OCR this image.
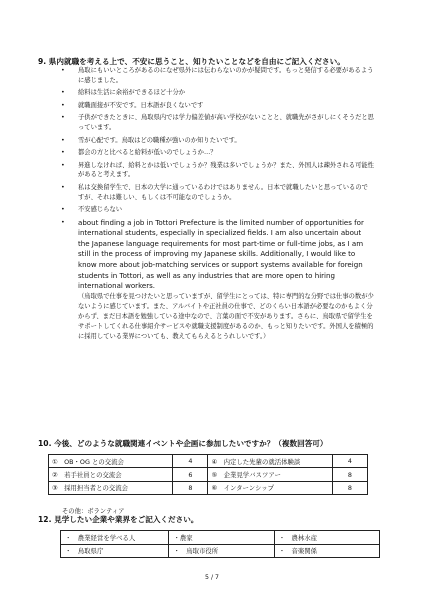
9. 県内就職を考える上で、不安に思うこと、知りたいことなどを自由にご記入ください。
• 鳥取にもいいところがあるのになぜ県外には伝わらないのかが疑問です。もっと発信する必要があるように感じました。
• 給料は生活に余裕ができるほど十分か
• 就職面接が不安です。日本語が良くないです
• 子供ができたときに、鳥取県内では学力偏差値が高い学校がないことと、就職先がさがしにくそうだと思っています。
• 雪が心配です。鳥取はどの職種が強いのか知りたいです。
• 都会の方と比べると給料が低いのでしょうか…？
• 昇進しなければ、給料とかは低いでしょうか？残業は多いでしょうか？また、外国人は疎外される可能性があると考えます。
• 私は交換留学生で、日本の大学に通っているわけではありません。日本で就職したいと思っているのですが、それは難しい、もしくは不可能なのでしょうか。
• 不安感じらない
• about finding a job in Tottori Prefecture is the limited number of opportunities for international students, especially in specialized fields. I am also uncertain about the Japanese language requirements for most part-time or full-time jobs, as I am still in the process of improving my Japanese skills. Additionally, I would like to know more about job-matching services or support systems available for foreign students in Tottori, as well as any industries that are more open to hiring international workers.
（鳥取県で仕事を見つけたいと思っていますが、留学生にとっては、特に専門的な分野では仕事の数が少ないように感じています。また、アルバイトや正社員の仕事で、どのくらい日本語が必要なのかもよく分からず、まだ日本語を勉強している途中なので、言葉の面で不安があります。さらに、鳥取県で留学生をサポートしてくれる仕事紹介サービスや就職支援制度があるのか、もっと知りたいです。外国人を積極的に採用している業界についても、教えてもらえるとうれしいです。）
10. 今後、どのような就職関連イベントや企画に参加したいですか？（複数回答可）
①　OB・OG との交流会	4	④　内定した先輩の就活体験談	4
②　若手社員との交流会	6	⑤　企業見学バスツアー	8
③　採用担当者との交流会	8	⑥　インターンシップ	8
その他：ボランティア
12. 見学したい企業や業界をご記入ください。
・　農業経営を学べる人	・農家	・　農林水産
・　鳥取県庁	・　鳥取市役所	・　音楽関係
5 / 7
